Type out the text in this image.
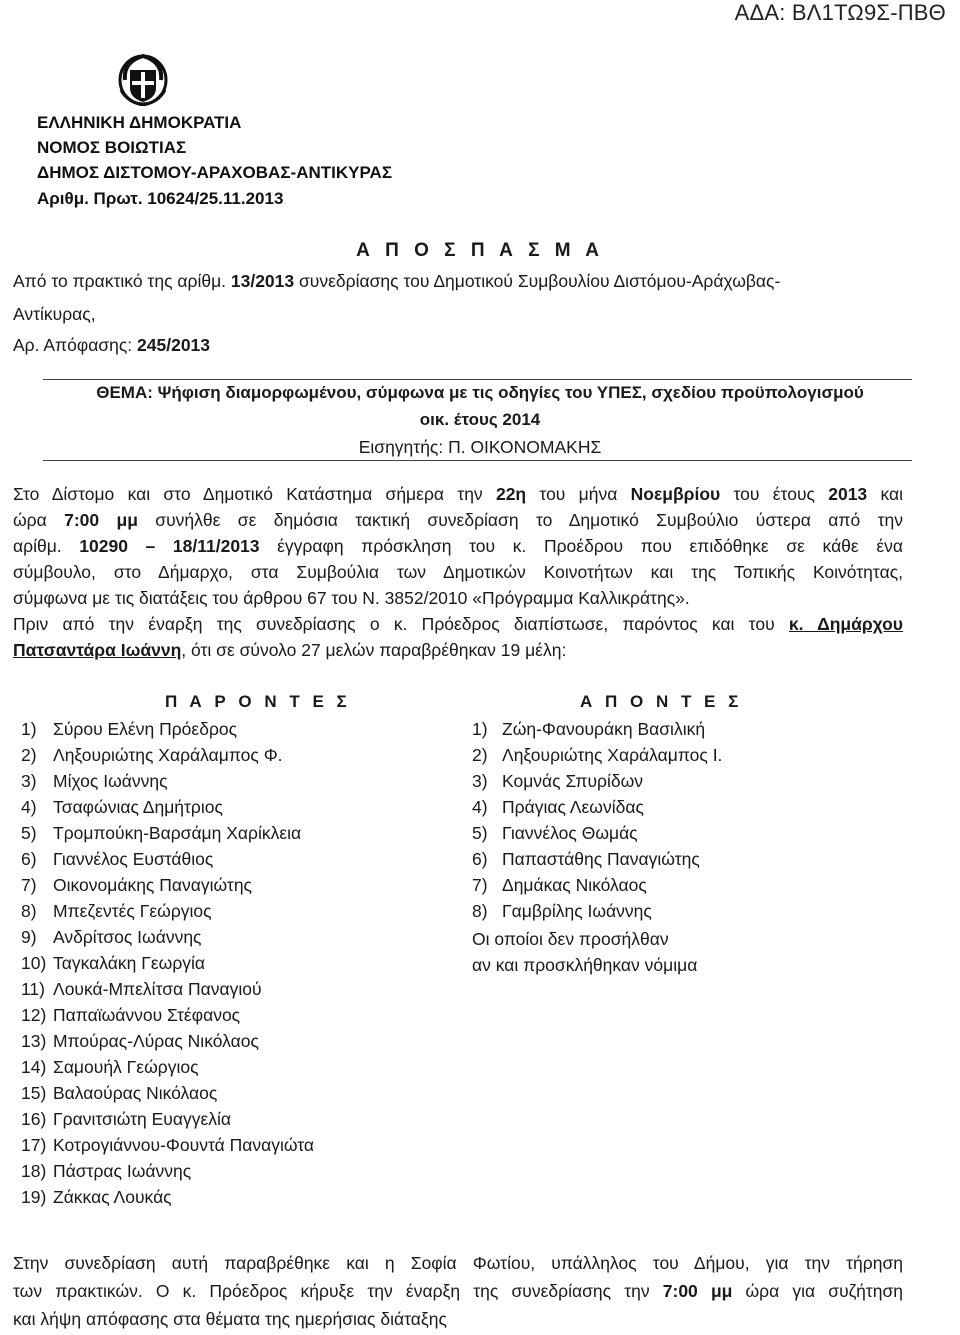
ΑΔΑ: ΒΛ1ΤΩ9Σ-ΠΒΘ
ΕΛΛΗΝΙΚΗ ΔΗΜΟΚΡΑΤΙΑ
ΝΟΜΟΣ ΒΟΙΩΤΙΑΣ
ΔΗΜΟΣ ΔΙΣΤΟΜΟΥ-ΑΡΑΧΟΒΑΣ-ΑΝΤΙΚΥΡΑΣ
Αριθμ. Πρωτ. 10624/25.11.2013
Α Π Ο Σ Π Α Σ Μ Α
Από το πρακτικό της αρίθμ. 13/2013 συνεδρίασης του Δημοτικού Συμβουλίου Διστόμου-Αράχωβας-
Αντίκυρας,
Αρ. Απόφασης: 245/2013
ΘΕΜΑ: Ψήφιση διαμορφωμένου, σύμφωνα με τις οδηγίες του ΥΠΕΣ, σχεδίου προϋπολογισμού
οικ. έτους 2014
Εισηγητής: Π. ΟΙΚΟΝΟΜΑΚΗΣ
Στο Δίστομο και στο Δημοτικό Κατάστημα σήμερα την 22η του μήνα Νοεμβρίου του έτους 2013 και
ώρα 7:00 μμ συνήλθε σε δημόσια τακτική συνεδρίαση το Δημοτικό Συμβούλιο ύστερα από την
αρίθμ. 10290 – 18/11/2013 έγγραφη πρόσκληση του κ. Προέδρου που επιδόθηκε σε κάθε ένα
σύμβουλο, στο Δήμαρχο, στα Συμβούλια των Δημοτικών Κοινοτήτων και της Τοπικής Κοινότητας,
σύμφωνα με τις διατάξεις του άρθρου 67 του Ν. 3852/2010 «Πρόγραμμα Καλλικράτης».
Πριν από την έναρξη της συνεδρίασης ο κ. Πρόεδρος διαπίστωσε, παρόντος και του κ. Δημάρχου
Πατσαντάρα Ιωάννη, ότι σε σύνολο 27 μελών παραβρέθηκαν 19 μέλη:
Π Α Ρ Ο Ν Τ Ε Σ
1) Σύρου Ελένη Πρόεδρος
2) Ληξουριώτης Χαράλαμπος Φ.
3) Μίχος Ιωάννης
4) Τσαφώνιας Δημήτριος
5) Τρομπούκη-Βαρσάμη Χαρίκλεια
6) Γιαννέλος Ευστάθιος
7) Οικονομάκης Παναγιώτης
8) Μπεζεντές Γεώργιος
9) Ανδρίτσος Ιωάννης
10) Ταγκαλάκη Γεωργία
11) Λουκά-Μπελίτσα Παναγιού
12) Παπαϊωάννου Στέφανος
13) Μπούρας-Λύρας Νικόλαος
14) Σαμουήλ Γεώργιος
15) Βαλαούρας Νικόλαος
16) Γρανιτσιώτη Ευαγγελία
17) Κοτρογιάννου-Φουντά Παναγιώτα
18) Πάστρας Ιωάννης
19) Ζάκκας Λουκάς
Α Π Ο Ν Τ Ε Σ
1) Ζώη-Φανουράκη Βασιλική
2) Ληξουριώτης Χαράλαμπος Ι.
3) Κομνάς Σπυρίδων
4) Πράγιας Λεωνίδας
5) Γιαννέλος Θωμάς
6) Παπαστάθης Παναγιώτης
7) Δημάκας Νικόλαος
8) Γαμβρίλης Ιωάννης
Οι οποίοι δεν προσήλθαν
αν και προσκλήθηκαν νόμιμα
Στην συνεδρίαση αυτή παραβρέθηκε και η Σοφία Φωτίου, υπάλληλος του Δήμου, για την τήρηση
των πρακτικών. Ο κ. Πρόεδρος κήρυξε την έναρξη της συνεδρίασης την 7:00 μμ ώρα για συζήτηση
και λήψη απόφασης στα θέματα της ημερήσιας διάταξης
